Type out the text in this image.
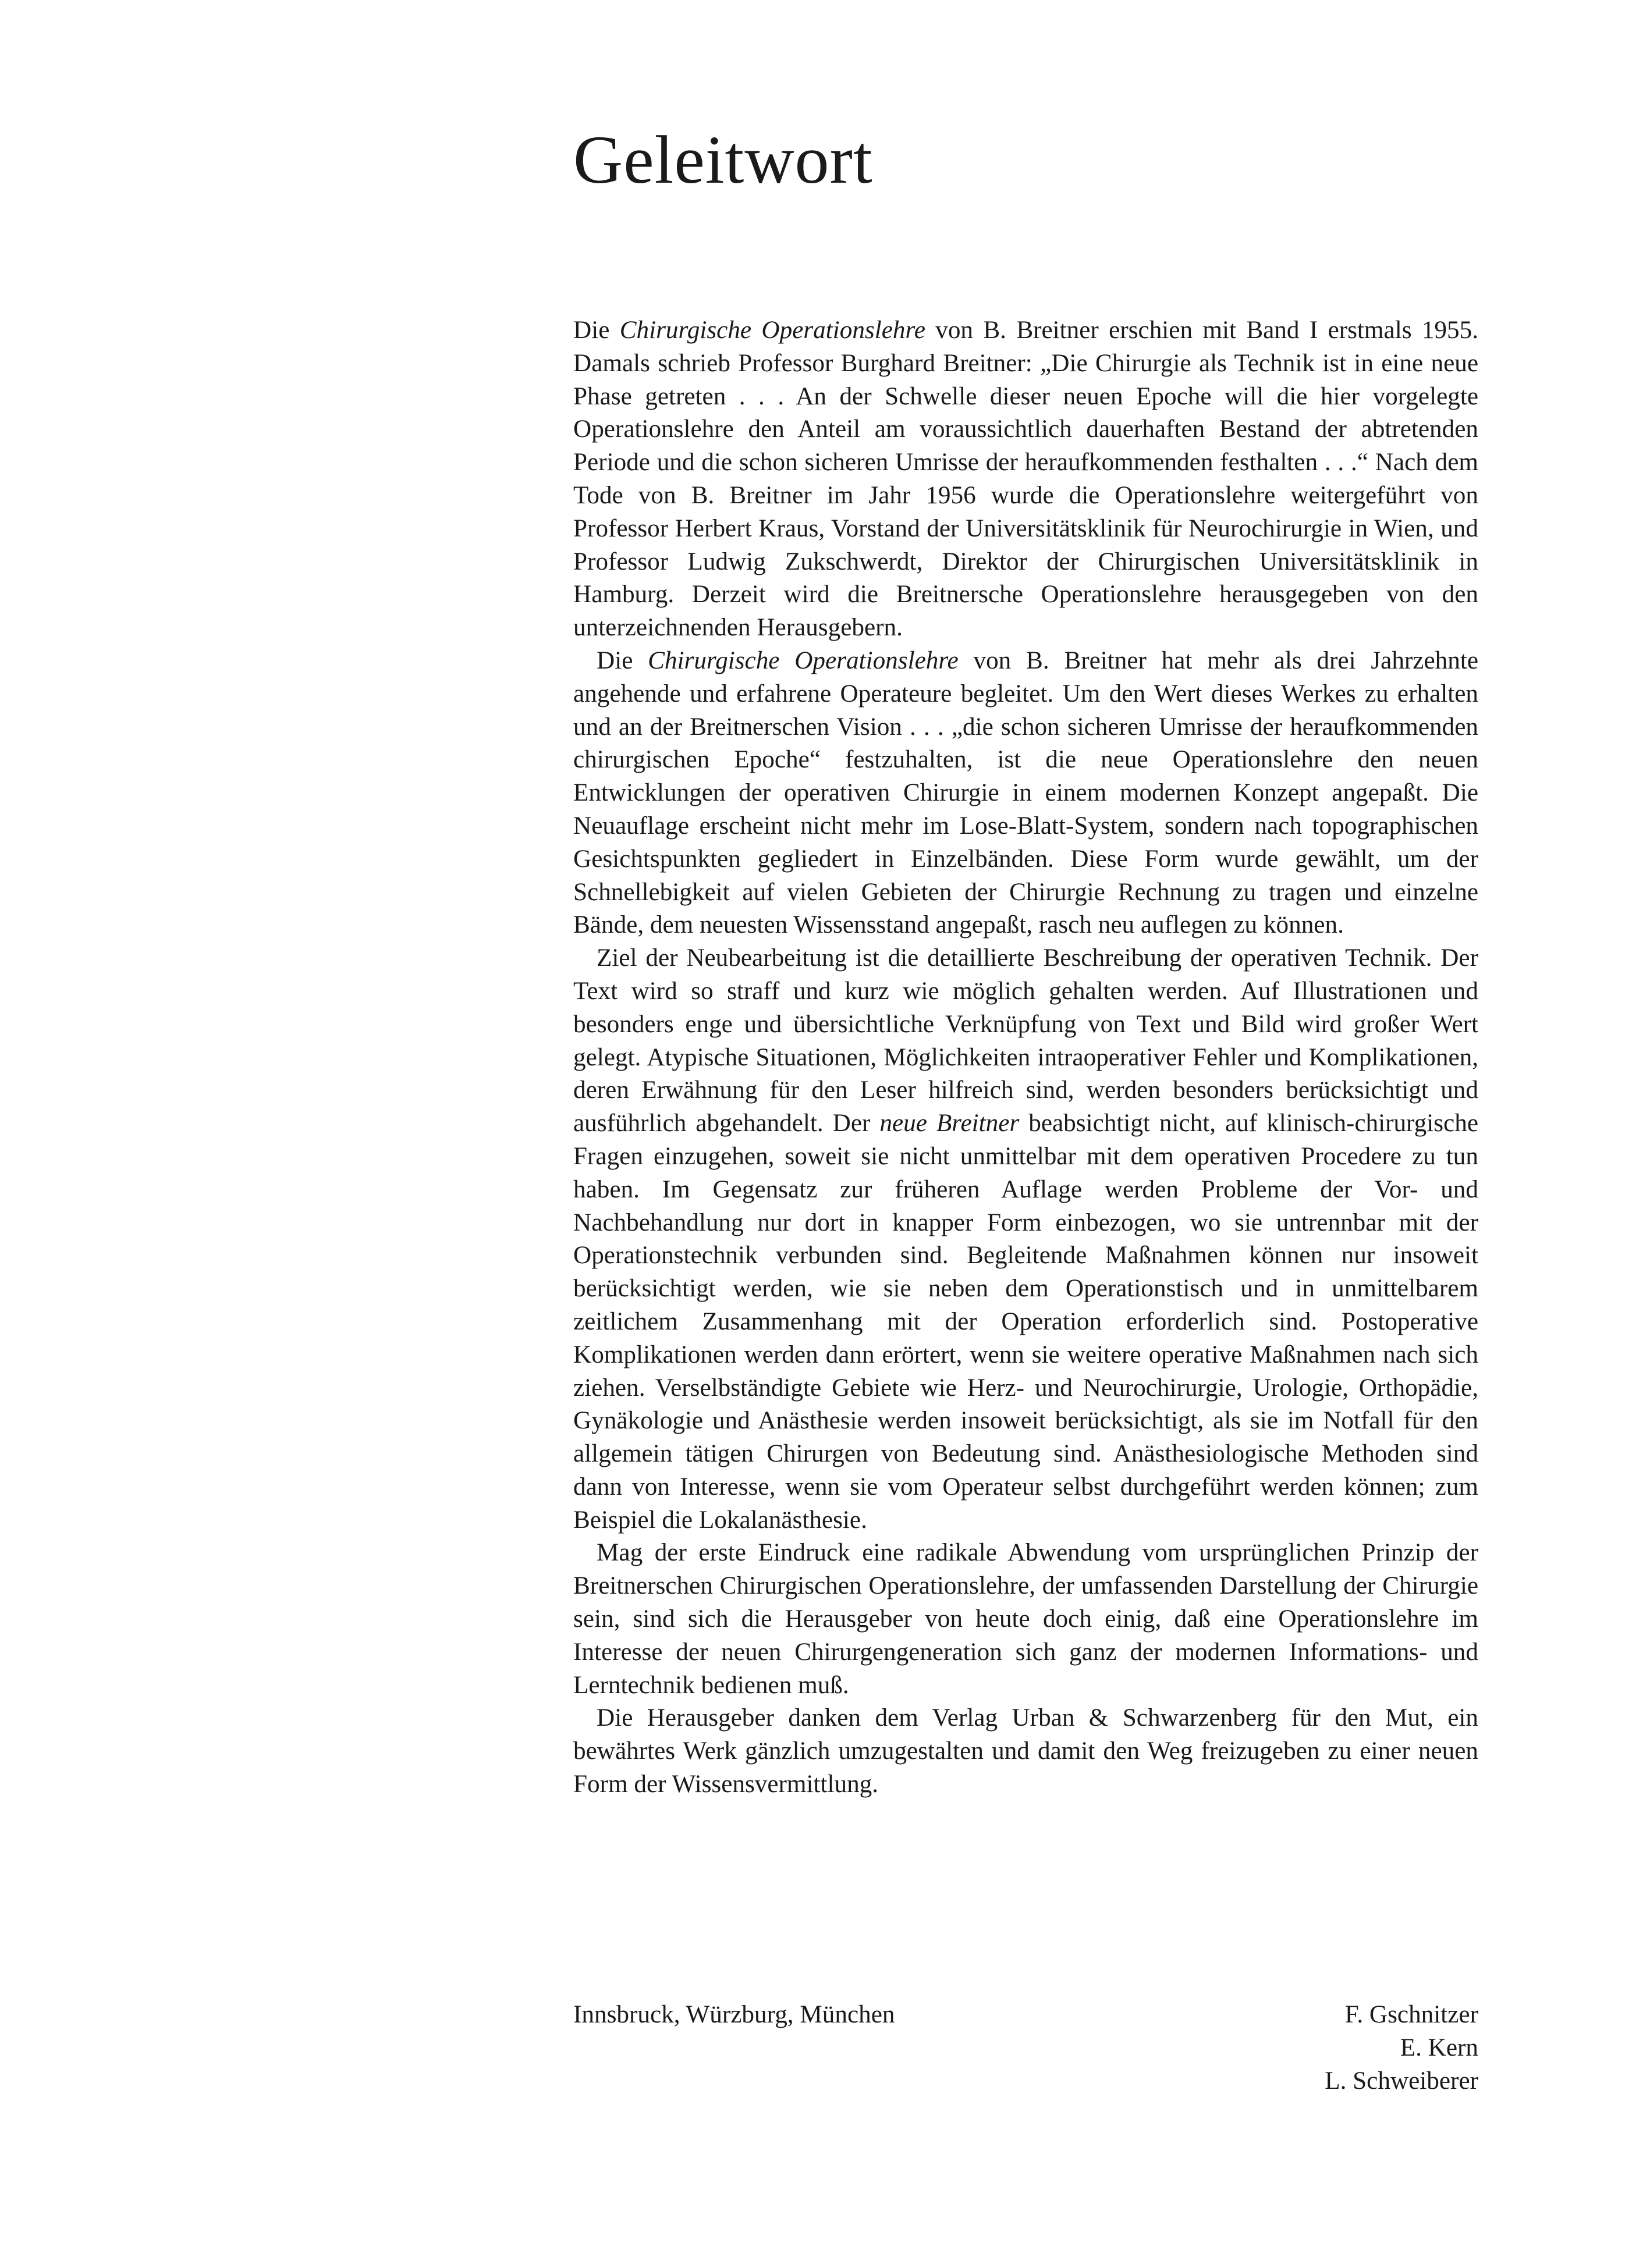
Geleitwort

Die Chirurgische Operationslehre von B. Breitner erschien mit Band I erstmals 1955. Damals schrieb Professor Burghard Breitner: „Die Chirurgie als Technik ist in eine neue Phase getreten . . . An der Schwelle dieser neuen Epoche will die hier vorgelegte Operationslehre den Anteil am voraussichtlich dauerhaften Bestand der abtretenden Periode und die schon sicheren Umrisse der heraufkommenden festhalten . . .“ Nach dem Tode von B. Breitner im Jahr 1956 wurde die Operationslehre weitergeführt von Professor Herbert Kraus, Vorstand der Universitätsklinik für Neurochirurgie in Wien, und Professor Ludwig Zukschwerdt, Direktor der Chirurgischen Universitätsklinik in Hamburg. Derzeit wird die Breitnersche Operationslehre herausgegeben von den unterzeichnenden Herausgebern.

Die Chirurgische Operationslehre von B. Breitner hat mehr als drei Jahrzehnte angehende und erfahrene Operateure begleitet. Um den Wert dieses Werkes zu erhalten und an der Breitnerschen Vision . . . „die schon sicheren Umrisse der heraufkommenden chirurgischen Epoche“ festzuhalten, ist die neue Operationslehre den neuen Entwicklungen der operativen Chirurgie in einem modernen Konzept angepaßt. Die Neuauflage erscheint nicht mehr im Lose-Blatt-System, sondern nach topographischen Gesichtspunkten gegliedert in Einzelbänden. Diese Form wurde gewählt, um der Schnellebigkeit auf vielen Gebieten der Chirurgie Rechnung zu tragen und einzelne Bände, dem neuesten Wissensstand angepaßt, rasch neu auflegen zu können.

Ziel der Neubearbeitung ist die detaillierte Beschreibung der operativen Technik. Der Text wird so straff und kurz wie möglich gehalten werden. Auf Illustrationen und besonders enge und übersichtliche Verknüpfung von Text und Bild wird großer Wert gelegt. Atypische Situationen, Möglichkeiten intraoperativer Fehler und Komplikationen, deren Erwähnung für den Leser hilfreich sind, werden besonders berücksichtigt und ausführlich abgehandelt. Der neue Breitner beabsichtigt nicht, auf klinisch-chirurgische Fragen einzugehen, soweit sie nicht unmittelbar mit dem operativen Procedere zu tun haben. Im Gegensatz zur früheren Auflage werden Probleme der Vor- und Nachbehandlung nur dort in knapper Form einbezogen, wo sie untrennbar mit der Operationstechnik verbunden sind. Begleitende Maßnahmen können nur insoweit berücksichtigt werden, wie sie neben dem Operationstisch und in unmittelbarem zeitlichem Zusammenhang mit der Operation erforderlich sind. Postoperative Komplikationen werden dann erörtert, wenn sie weitere operative Maßnahmen nach sich ziehen. Verselbständigte Gebiete wie Herz- und Neurochirurgie, Urologie, Orthopädie, Gynäkologie und Anästhesie werden insoweit berücksichtigt, als sie im Notfall für den allgemein tätigen Chirurgen von Bedeutung sind. Anästhesiologische Methoden sind dann von Interesse, wenn sie vom Operateur selbst durchgeführt werden können; zum Beispiel die Lokalanästhesie.

Mag der erste Eindruck eine radikale Abwendung vom ursprünglichen Prinzip der Breitnerschen Chirurgischen Operationslehre, der umfassenden Darstellung der Chirurgie sein, sind sich die Herausgeber von heute doch einig, daß eine Operationslehre im Interesse der neuen Chirurgengeneration sich ganz der modernen Informations- und Lerntechnik bedienen muß.

Die Herausgeber danken dem Verlag Urban & Schwarzenberg für den Mut, ein bewährtes Werk gänzlich umzugestalten und damit den Weg freizugeben zu einer neuen Form der Wissensvermittlung.

Innsbruck, Würzburg, München	F. Gschnitzer
E. Kern
L. Schweiberer
